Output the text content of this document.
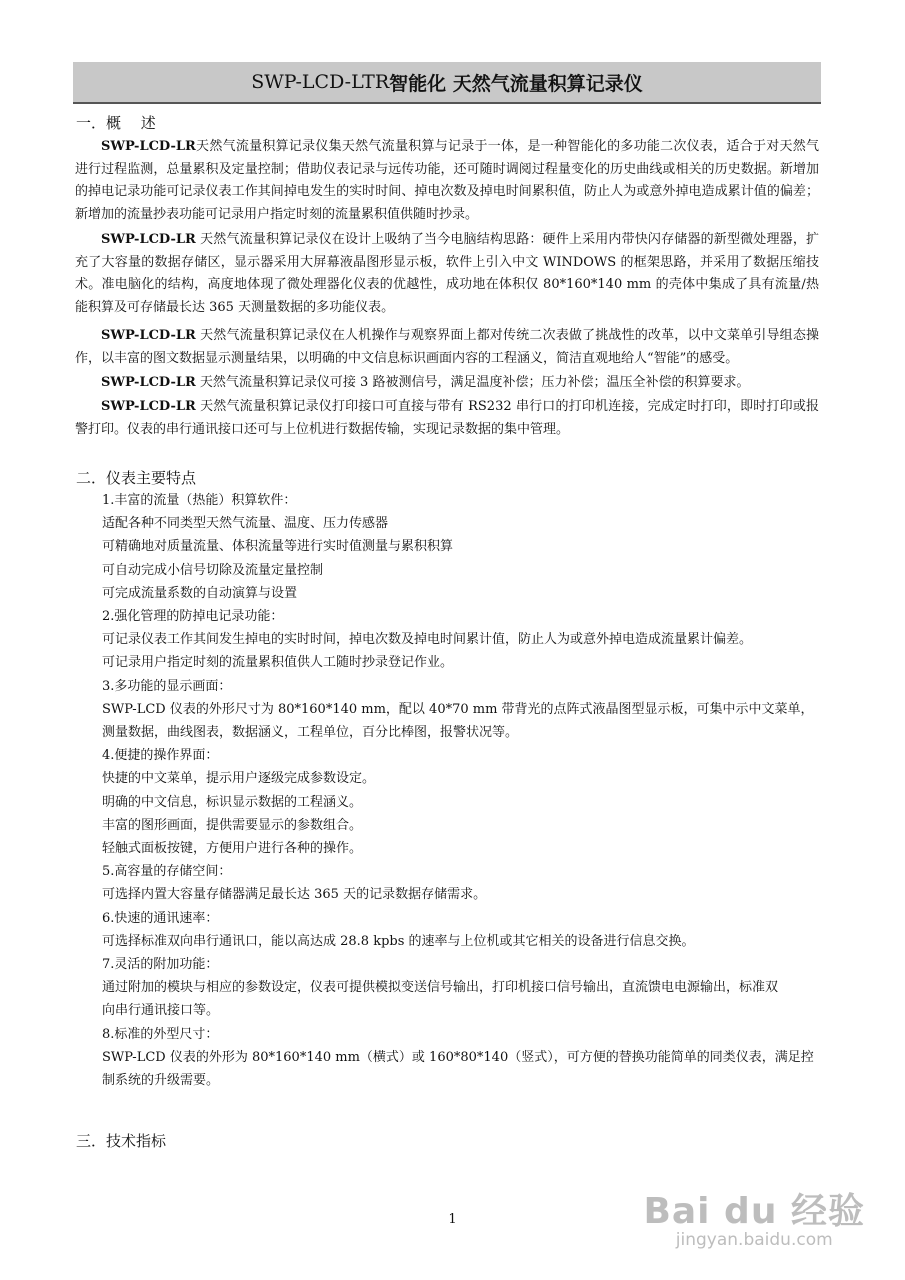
SWP-LCD-LTR 智能化 天然气流量积算记录仪
一．概　 述
SWP-LCD-LR天然气流量积算记录仪集天然气流量积算与记录于一体，是一种智能化的多功能二次仪表，适合于对天然气进行过程监测，总量累积及定量控制；借助仪表记录与远传功能，还可随时调阅过程量变化的历史曲线或相关的历史数据。新增加的掉电记录功能可记录仪表工作其间掉电发生的实时时间、掉电次数及掉电时间累积值，防止人为或意外掉电造成累计值的偏差；新增加的流量抄表功能可记录用户指定时刻的流量累积值供随时抄录。
SWP-LCD-LR 天然气流量积算记录仪在设计上吸纳了当今电脑结构思路：硬件上采用内带快闪存储器的新型微处理器，扩充了大容量的数据存储区，显示器采用大屏幕液晶图形显示板，软件上引入中文 WINDOWS 的框架思路，并采用了数据压缩技术。准电脑化的结构，高度地体现了微处理器化仪表的优越性，成功地在体积仅 80*160*140 mm 的壳体中集成了具有流量/热能积算及可存储最长达 365 天测量数据的多功能仪表。
SWP-LCD-LR 天然气流量积算记录仪在人机操作与观察界面上都对传统二次表做了挑战性的改革，以中文菜单引导组态操作，以丰富的图文数据显示测量结果，以明确的中文信息标识画面内容的工程涵义，简洁直观地给人“智能”的感受。
SWP-LCD-LR 天然气流量积算记录仪可接 3 路被测信号，满足温度补偿；压力补偿；温压全补偿的积算要求。
SWP-LCD-LR 天然气流量积算记录仪打印接口可直接与带有 RS232 串行口的打印机连接，完成定时打印，即时打印或报警打印。仪表的串行通讯接口还可与上位机进行数据传输，实现记录数据的集中管理。
二．仪表主要特点
1.丰富的流量（热能）积算软件：
适配各种不同类型天然气流量、温度、压力传感器
可精确地对质量流量、体积流量等进行实时值测量与累积积算
可自动完成小信号切除及流量定量控制
可完成流量系数的自动演算与设置
2.强化管理的防掉电记录功能：
可记录仪表工作其间发生掉电的实时时间，掉电次数及掉电时间累计值，防止人为或意外掉电造成流量累计偏差。
可记录用户指定时刻的流量累积值供人工随时抄录登记作业。
3.多功能的显示画面：
SWP-LCD 仪表的外形尺寸为 80*160*140 mm，配以 40*70 mm 带背光的点阵式液晶图型显示板，可集中示中文菜单，
测量数据，曲线图表，数据涵义，工程单位，百分比棒图，报警状况等。
4.便捷的操作界面：
快捷的中文菜单，提示用户逐级完成参数设定。
明确的中文信息，标识显示数据的工程涵义。
丰富的图形画面，提供需要显示的参数组合。
轻触式面板按键，方便用户进行各种的操作。
5.高容量的存储空间：
可选择内置大容量存储器满足最长达 365 天的记录数据存储需求。
6.快速的通讯速率：
可选择标准双向串行通讯口，能以高达成 28.8 kpbs 的速率与上位机或其它相关的设备进行信息交换。
7.灵活的附加功能：
通过附加的模块与相应的参数设定，仪表可提供模拟变送信号输出，打印机接口信号输出，直流馈电电源输出，标准双
向串行通讯接口等。
8.标准的外型尺寸：
SWP-LCD 仪表的外形为 80*160*140 mm（横式）或 160*80*140（竖式），可方便的替换功能简单的同类仪表，满足控
制系统的升级需要。
三．技术指标
1	Bai du 经验
jingyan.baidu.com
